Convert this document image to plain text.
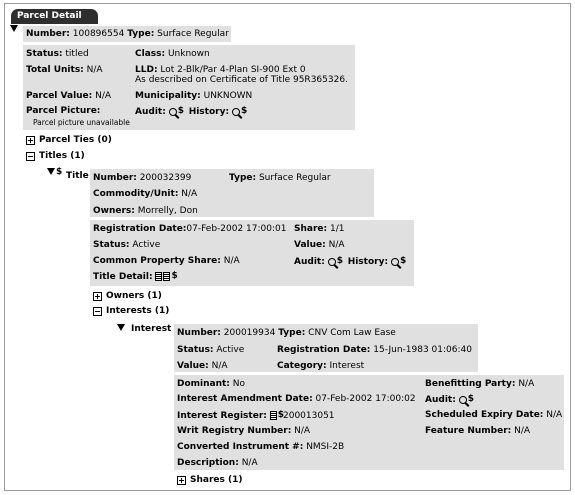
Parcel Detail
Number: 100896554 Type: Surface Regular
Status: titled	Class: Unknown
Total Units: N/A	LLD: Lot 2-Blk/Par 4-Plan SI-900 Ext 0
As described on Certificate of Title 95R365326.
Parcel Value: N/A	Municipality: UNKNOWN
Parcel Picture:	Audit: $ History: $
Parcel picture unavailable
Parcel Ties (0)
Titles (1)
$ Title Number: 200032399	Type: Surface Regular
Commodity/Unit: N/A
Owners: Morrelly, Don
Registration Date:07-Feb-2002 17:00:01 Share: 1/1
Status: Active	Value: N/A
Common Property Share: N/A	Audit: $ History: $
Title Detail: $
Owners (1)
Interests (1)
Interest Number: 200019934 Type: CNV Com Law Ease
Status: Active	Registration Date: 15-Jun-1983 01:06:40
Value: N/A	Category: Interest
Dominant: No	Benefitting Party: N/A
Interest Amendment Date: 07-Feb-2002 17:00:02 Audit: $
Interest Register: $200013051	Scheduled Expiry Date: N/A
Writ Registry Number: N/A	Feature Number: N/A
Converted Instrument #: NMSI-2B
Description: N/A
Shares (1)
